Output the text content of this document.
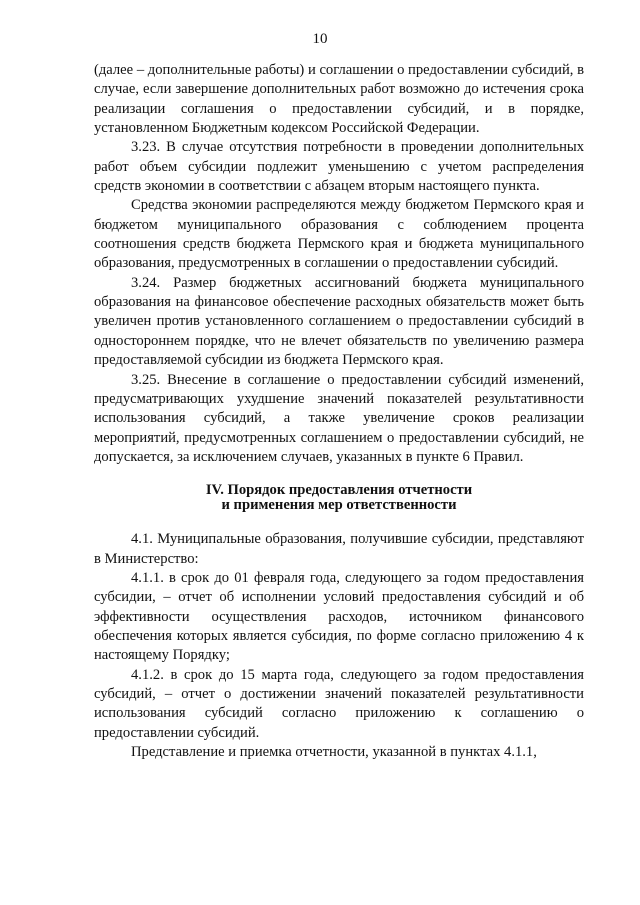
10

(далее – дополнительные работы) и соглашении о предоставлении субсидий, в случае, если завершение дополнительных работ возможно до истечения срока реализации соглашения о предоставлении субсидий, и в порядке, установленном Бюджетным кодексом Российской Федерации.

3.23. В случае отсутствия потребности в проведении дополнительных работ объем субсидии подлежит уменьшению с учетом распределения средств экономии в соответствии с абзацем вторым настоящего пункта.

Средства экономии распределяются между бюджетом Пермского края и бюджетом муниципального образования с соблюдением процента соотношения средств бюджета Пермского края и бюджета муниципального образования, предусмотренных в соглашении о предоставлении субсидий.

3.24. Размер бюджетных ассигнований бюджета муниципального образования на финансовое обеспечение расходных обязательств может быть увеличен против установленного соглашением о предоставлении субсидий в одностороннем порядке, что не влечет обязательств по увеличению размера предоставляемой субсидии из бюджета Пермского края.

3.25. Внесение в соглашение о предоставлении субсидий изменений, предусматривающих ухудшение значений показателей результативности использования субсидий, а также увеличение сроков реализации мероприятий, предусмотренных соглашением о предоставлении субсидий, не допускается, за исключением случаев, указанных в пункте 6 Правил.

IV. Порядок предоставления отчетности
и применения мер ответственности

4.1. Муниципальные образования, получившие субсидии, представляют в Министерство:

4.1.1. в срок до 01 февраля года, следующего за годом предоставления субсидии, – отчет об исполнении условий предоставления субсидий и об эффективности осуществления расходов, источником финансового обеспечения которых является субсидия, по форме согласно приложению 4 к настоящему Порядку;

4.1.2. в срок до 15 марта года, следующего за годом предоставления субсидий, – отчет о достижении значений показателей результативности использования субсидий согласно приложению к соглашению о предоставлении субсидий.

Представление и приемка отчетности, указанной в пунктах 4.1.1,
